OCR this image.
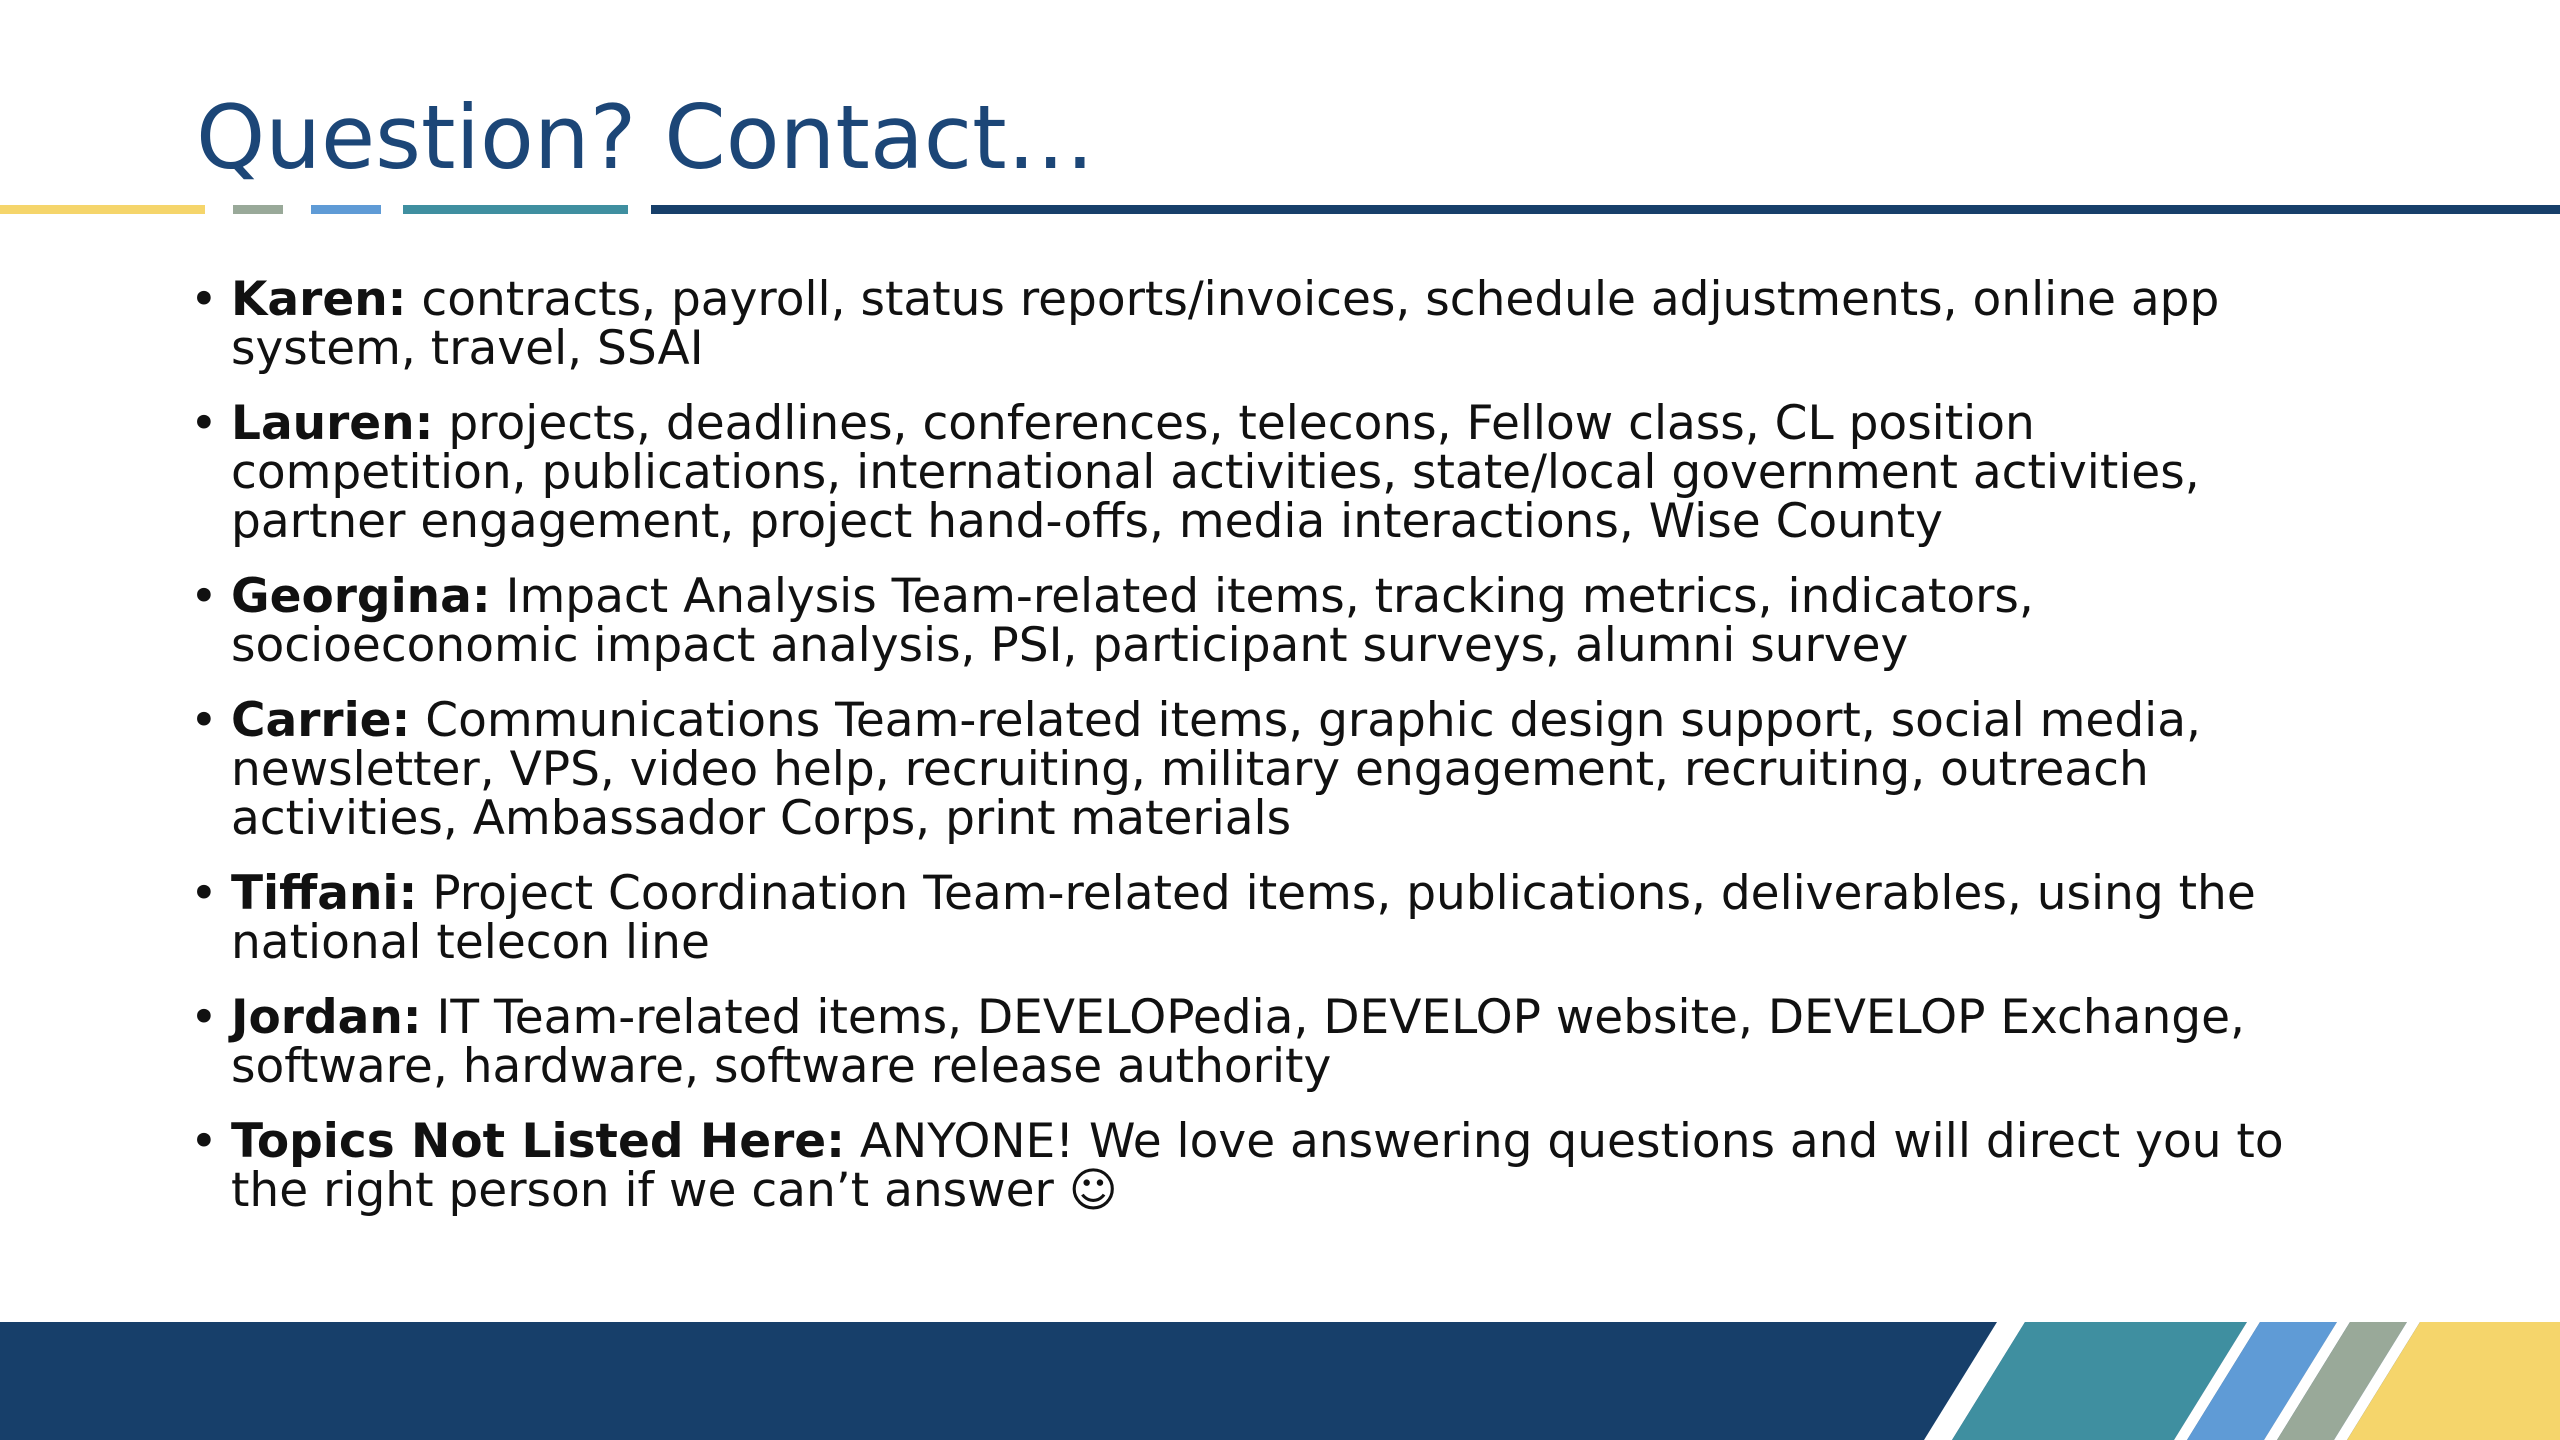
Question? Contact…
• Karen: contracts, payroll, status reports/invoices, schedule adjustments, online app system, travel, SSAI
• Lauren: projects, deadlines, conferences, telecons, Fellow class, CL position competition, publications, international activities, state/local government activities, partner engagement, project hand-offs, media interactions, Wise County
• Georgina: Impact Analysis Team-related items, tracking metrics, indicators, socioeconomic impact analysis, PSI, participant surveys, alumni survey
• Carrie: Communications Team-related items, graphic design support, social media, newsletter, VPS, video help, recruiting, military engagement, recruiting, outreach activities, Ambassador Corps, print materials
• Tiffani: Project Coordination Team-related items, publications, deliverables, using the national telecon line
• Jordan: IT Team-related items, DEVELOPedia, DEVELOP website, DEVELOP Exchange, software, hardware, software release authority
• Topics Not Listed Here: ANYONE! We love answering questions and will direct you to the right person if we can’t answer ☺
